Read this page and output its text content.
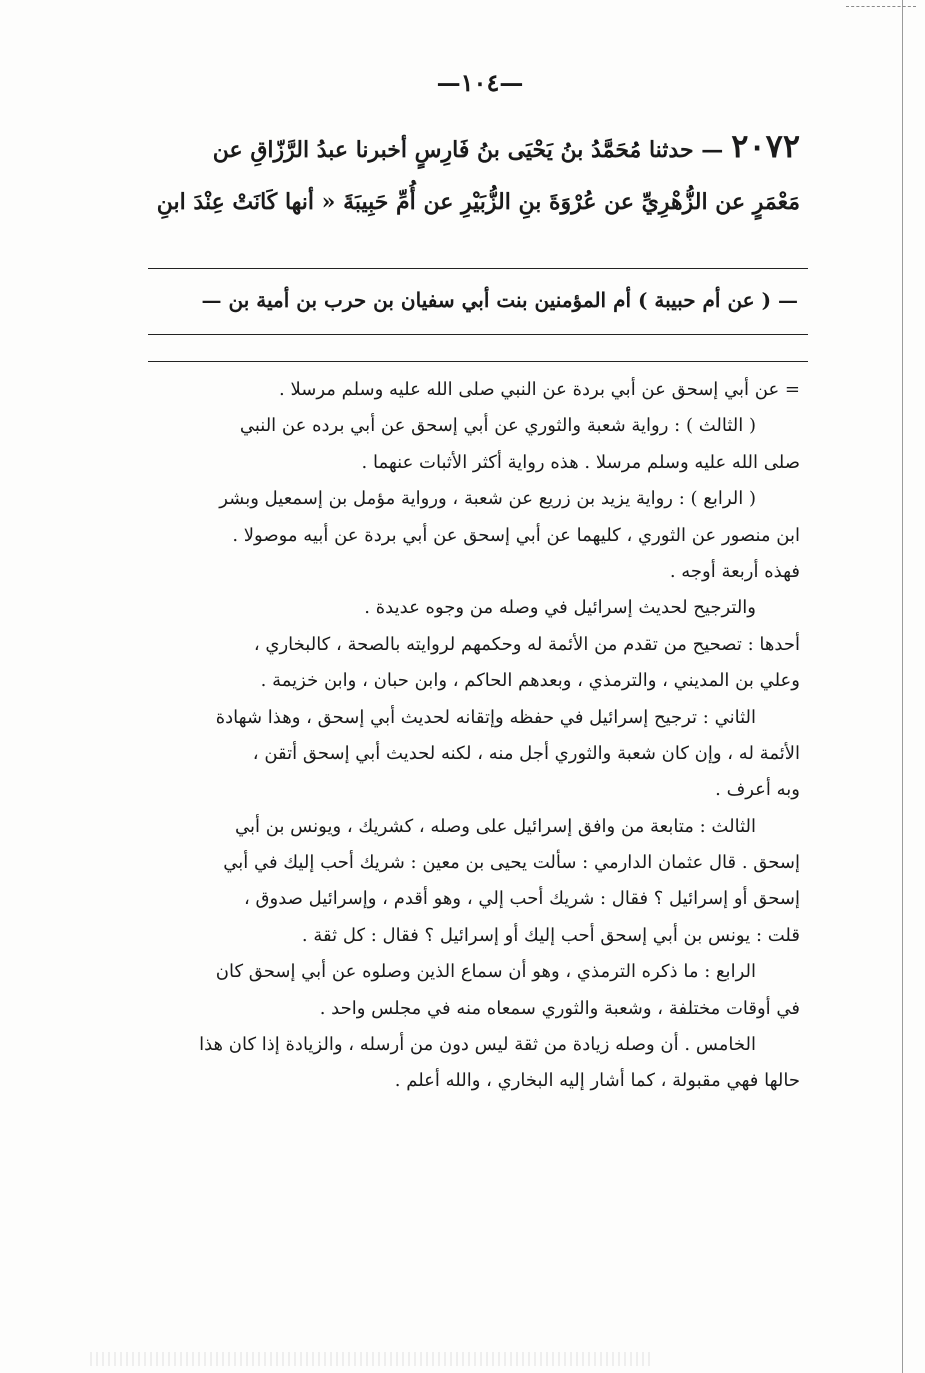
—١٠٤—
٢٠٧٢— حدثنا مُحَمَّدُ بنُ يَحْيَى بنُ فَارِسٍ أخبرنا عبدُ الرَّزّاقِ عن
مَعْمَرٍ عن الزُّهْرِيِّ عن عُرْوَةَ بنِ الزُّبَيْرِ عن أُمِّ حَبِيبَةَ « أنها كَانَتْ عِنْدَ ابنِ
— ( عن أم حبيبة ) أم المؤمنين بنت أبي سفيان بن حرب بن أمية بن —
= عن أبي إسحق عن أبي بردة عن النبي صلى الله عليه وسلم مرسلا .
( الثالث ) : رواية شعبة والثوري عن أبي إسحق عن أبي برده عن النبي
صلى الله عليه وسلم مرسلا . هذه رواية أكثر الأثبات عنهما .
( الرابع ) : رواية يزيد بن زريع عن شعبة ، ورواية مؤمل بن إسمعيل وبشر
ابن منصور عن الثوري ، كليهما عن أبي إسحق عن أبي بردة عن أبيه موصولا .
فهذه أربعة أوجه .
والترجيح لحديث إسرائيل في وصله من وجوه عديدة .
أحدها : تصحيح من تقدم من الأئمة له وحكمهم لروايته بالصحة ، كالبخاري ،
وعلي بن المديني ، والترمذي ، وبعدهم الحاكم ، وابن حبان ، وابن خزيمة .
الثاني : ترجيح إسرائيل في حفظه وإتقانه لحديث أبي إسحق ، وهذا شهادة
الأئمة له ، وإن كان شعبة والثوري أجل منه ، لكنه لحديث أبي إسحق أتقن ،
وبه أعرف .
الثالث : متابعة من وافق إسرائيل على وصله ، كشريك ، ويونس بن أبي
إسحق . قال عثمان الدارمي : سألت يحيى بن معين : شريك أحب إليك في أبي
إسحق أو إسرائيل ؟ فقال : شريك أحب إلي ، وهو أقدم ، وإسرائيل صدوق ،
قلت : يونس بن أبي إسحق أحب إليك أو إسرائيل ؟ فقال : كل ثقة .
الرابع : ما ذكره الترمذي ، وهو أن سماع الذين وصلوه عن أبي إسحق كان
في أوقات مختلفة ، وشعبة والثوري سمعاه منه في مجلس واحد .
الخامس . أن وصله زيادة من ثقة ليس دون من أرسله ، والزيادة إذا كان هذا
حالها فهي مقبولة ، كما أشار إليه البخاري ، والله أعلم .
